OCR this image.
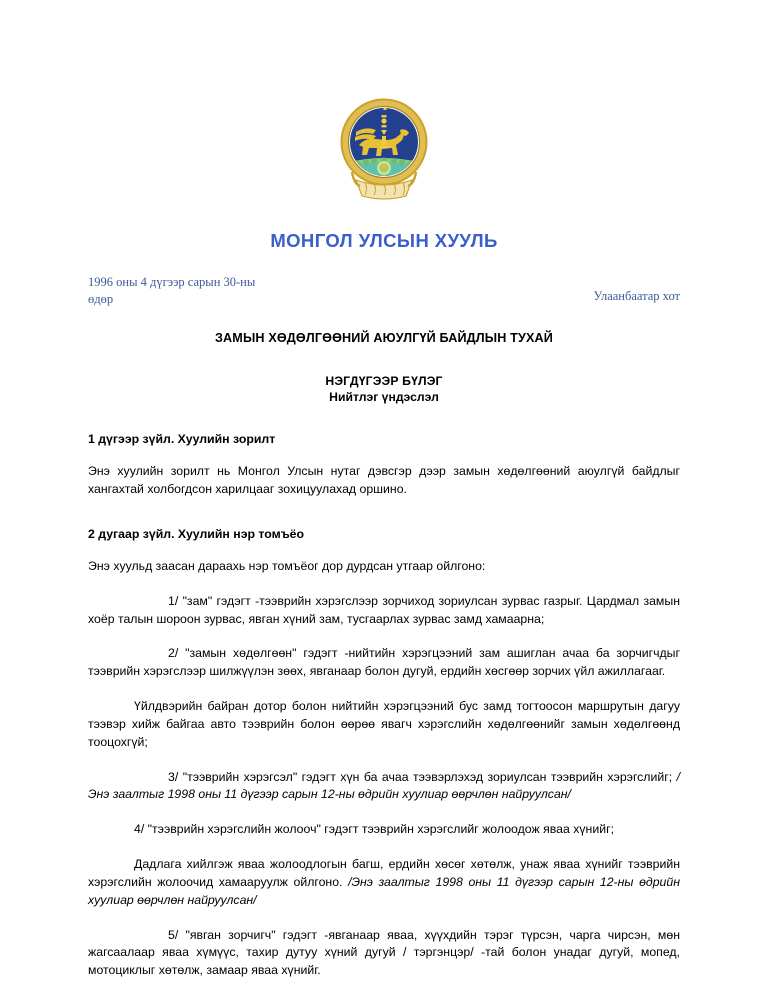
МОНГОЛ УЛСЫН ХУУЛЬ
1996 оны 4 дүгээр сарын 30-ны
өдөр	Улаанбаатар хот
ЗАМЫН ХӨДӨЛГӨӨНИЙ АЮУЛГҮЙ БАЙДЛЫН ТУХАЙ
НЭГДҮГЭЭР БҮЛЭГ
Нийтлэг үндэслэл
1 дүгээр зүйл. Хуулийн зорилт

Энэ хуулийн зорилт нь Монгол Улсын нутаг дэвсгэр дээр замын хөдөлгөөний аюулгүй байдлыг хангахтай холбогдсон харилцааг зохицуулахад оршино.

2 дугаар зүйл. Хуулийн нэр томъёо

Энэ хуульд заасан дараахь нэр томъёог дор дурдсан утгаар ойлгоно:

1/ "зам" гэдэгт -тээврийн хэрэгслээр зорчиход зориулсан зурвас газрыг. Цардмал замын хоёр талын шороон зурвас, явган хүний зам, тусгаарлах зурвас замд хамаарна;

2/ "замын хөдөлгөөн" гэдэгт -нийтийн хэрэгцээний зам ашиглан ачаа ба зорчигчдыг тээврийн хэрэгслээр шилжүүлэн зөөх, явганаар болон дугуй, ердийн хөсгөөр зорчих үйл ажиллагааг.

Үйлдвэрийн байран дотор болон нийтийн хэрэгцээний бус замд тогтоосон маршрутын дагуу тээвэр хийж байгаа авто тээврийн болон өөрөө явагч хэрэгслийн хөдөлгөөнийг замын хөдөлгөөнд тооцохгүй;

3/ "тээврийн хэрэгсэл" гэдэгт хүн ба ачаа тээвэрлэхэд зориулсан тээврийн хэрэгслийг; /Энэ заалтыг 1998 оны 11 дүгээр сарын 12-ны өдрийн хуулиар өөрчлөн найруулсан/

4/ "тээврийн хэрэгслийн жолооч" гэдэгт тээврийн хэрэгслийг жолоодож яваа хүнийг;

Дадлага хийлгэж яваа жолоодлогын багш, ердийн хөсөг хөтөлж, унаж яваа хүнийг тээврийн хэрэгслийн жолоочид хамааруулж ойлгоно. /Энэ заалтыг 1998 оны 11 дүгээр сарын 12-ны өдрийн хуулиар өөрчлөн найруулсан/

5/ "явган зорчигч" гэдэгт -явганаар яваа, хүүхдийн тэрэг түрсэн, чарга чирсэн, мөн жагсаалаар яваа хүмүүс, тахир дутуу хүний дугуй / тэргэнцэр/ -тай болон унадаг дугуй, мопед, мотоциклыг хөтөлж, замаар яваа хүнийг.
